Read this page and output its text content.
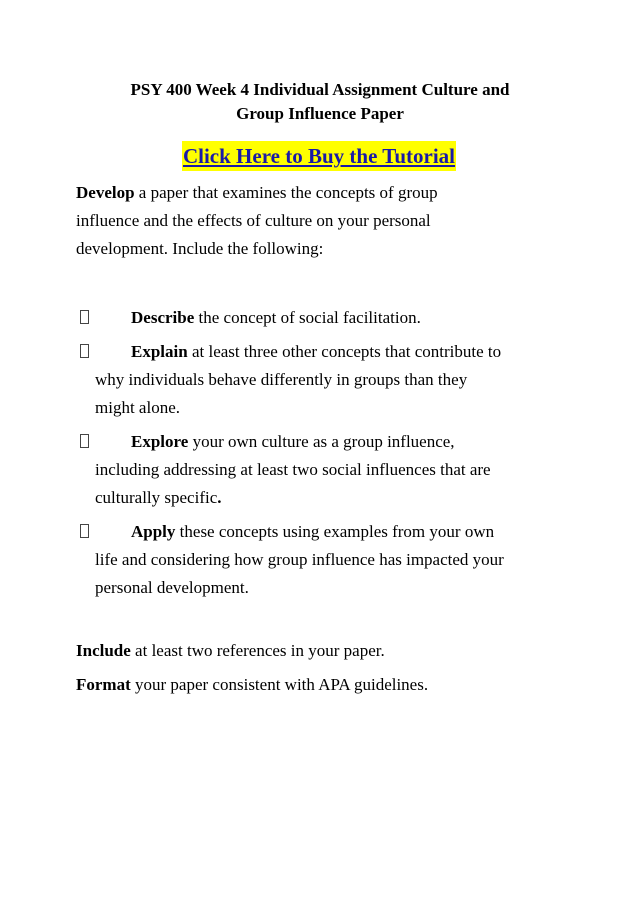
PSY 400 Week 4 Individual Assignment Culture and
Group Influence Paper
Click Here to Buy the Tutorial
Develop a paper that examines the concepts of group
influence and the effects of culture on your personal
development. Include the following:
Describe the concept of social facilitation.
Explain at least three other concepts that contribute to
why individuals behave differently in groups than they
might alone.
Explore your own culture as a group influence,
including addressing at least two social influences that are
culturally specific.
Apply these concepts using examples from your own
life and considering how group influence has impacted your
personal development.

Include at least two references in your paper.

Format your paper consistent with APA guidelines.
